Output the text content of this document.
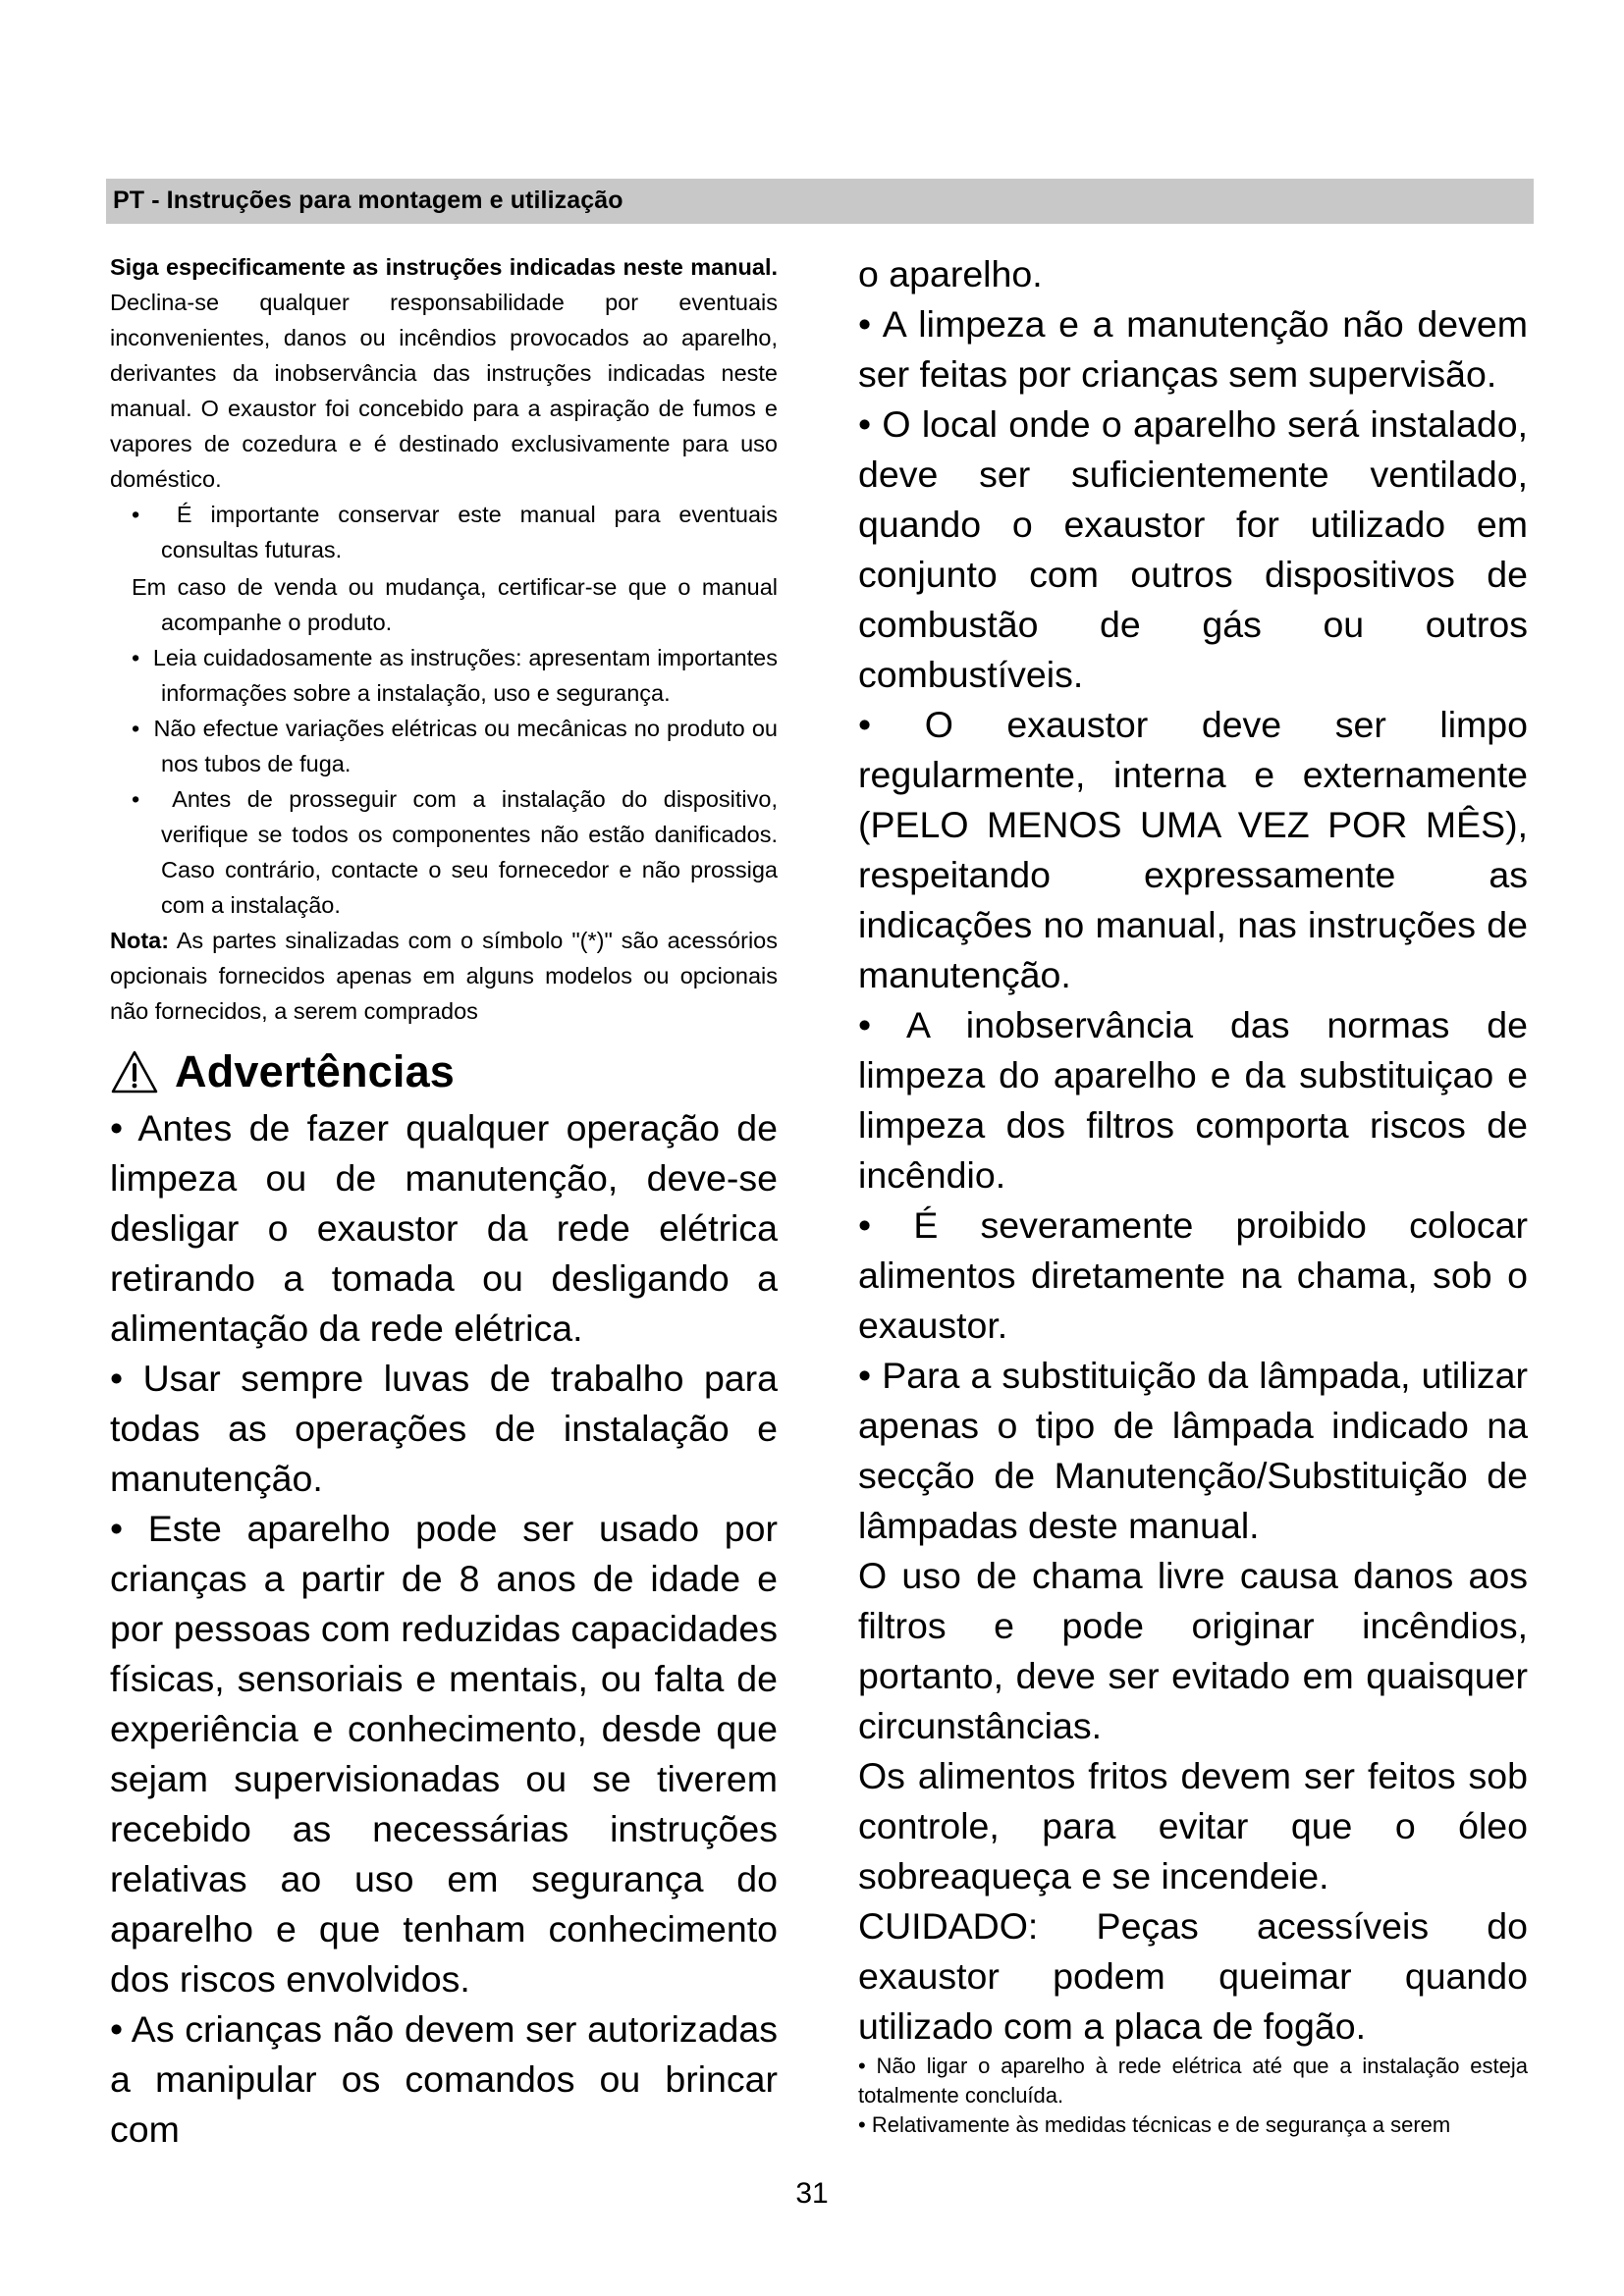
PT - Instruções para montagem e utilização

Siga especificamente as instruções indicadas neste manual. Declina-se qualquer responsabilidade por eventuais inconvenientes, danos ou incêndios provocados ao aparelho, derivantes da inobservância das instruções indicadas neste manual. O exaustor foi concebido para a aspiração de fumos e vapores de cozedura e é destinado exclusivamente para uso doméstico.

•  É importante conservar este manual para eventuais consultas futuras.

Em caso de venda ou mudança, certificar-se que o manual acompanhe o produto.

•  Leia cuidadosamente as instruções: apresentam importantes informações sobre a instalação, uso e segurança.

•  Não efectue variações elétricas ou mecânicas no produto ou nos tubos de fuga.

•  Antes de prosseguir com a instalação do dispositivo, verifique se todos os componentes não estão danificados. Caso contrário, contacte o seu fornecedor e não prossiga com a instalação.

Nota: As partes sinalizadas com o símbolo "(*)" são acessórios opcionais fornecidos apenas em alguns modelos ou opcionais não fornecidos, a serem comprados

Advertências

• Antes de fazer qualquer operação de limpeza ou de manutenção, deve-se desligar o exaustor da rede elétrica retirando a tomada ou desligando a alimentação da rede elétrica.

• Usar sempre luvas de trabalho para todas as operações de instalação e manutenção.

• Este aparelho pode ser usado por crianças a partir de 8 anos de idade e por pessoas com reduzidas capacidades físicas, sensoriais e mentais, ou falta de experiência e conhecimento, desde que sejam supervisionadas ou se tiverem recebido as necessárias instruções relativas ao uso em segurança do aparelho e que tenham conhecimento dos riscos envolvidos.

• As crianças não devem ser autorizadas a manipular os comandos ou brincar com

o aparelho.

• A limpeza e a manutenção não devem ser feitas por crianças sem supervisão.

• O local onde o aparelho será instalado, deve ser suficientemente ventilado, quando o exaustor for utilizado em conjunto com outros dispositivos de combustão de gás ou outros combustíveis.

• O exaustor deve ser limpo regularmente, interna e externamente (PELO MENOS UMA VEZ POR MÊS), respeitando expressamente as indicações no manual, nas instruções de manutenção.

• A inobservância das normas de limpeza do aparelho e da substituiçao e limpeza dos filtros comporta riscos de incêndio.

• É severamente proibido colocar alimentos diretamente na chama, sob o exaustor.

• Para a substituição da lâmpada, utilizar apenas o tipo de lâmpada indicado na secção de Manutenção/Substituição de lâmpadas deste manual.

O uso de chama livre causa danos aos filtros e pode originar incêndios, portanto, deve ser evitado em quaisquer circunstâncias.

Os alimentos fritos devem ser feitos sob controle, para evitar que o óleo sobreaqueça e se incendeie.

CUIDADO: Peças acessíveis do exaustor podem queimar quando utilizado com a placa de fogão.

• Não ligar o aparelho à rede elétrica até que a instalação esteja totalmente concluída.

• Relativamente às medidas técnicas e de segurança a serem

31
